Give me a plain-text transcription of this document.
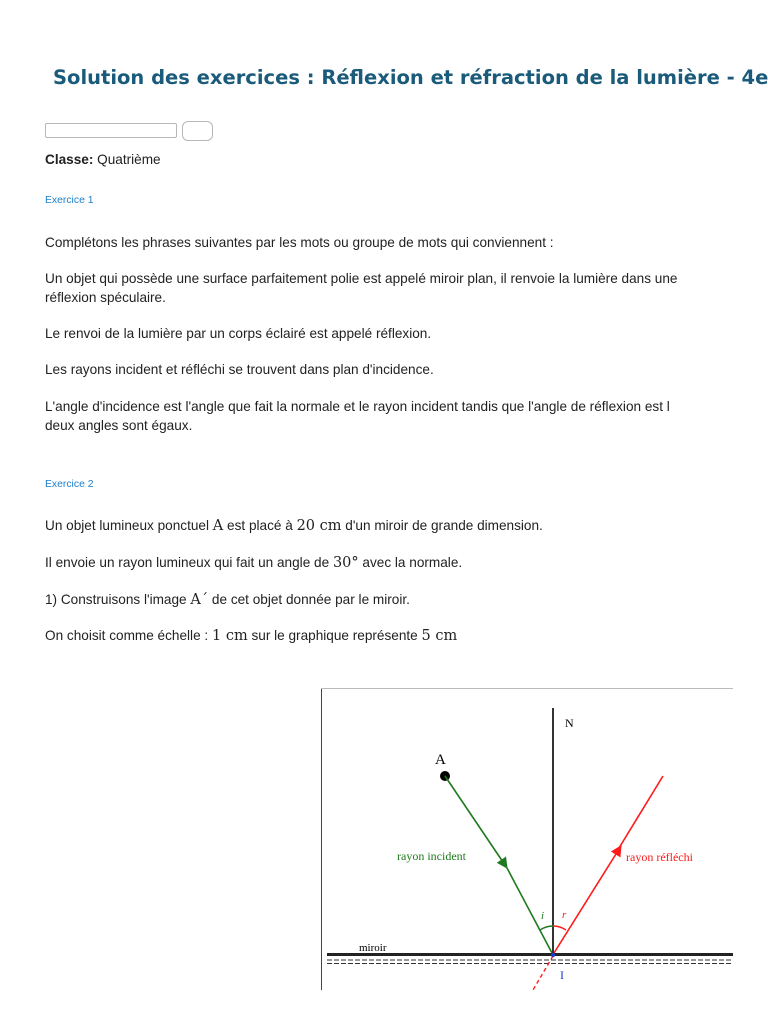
Solution des exercices : Réflexion et réfraction de la lumière - 4e
Classe: Quatrième
Exercice 1
Complétons les phrases suivantes par les mots ou groupe de mots qui conviennent :
Un objet qui possède une surface parfaitement polie est appelé miroir plan, il renvoie la lumière dans une
réflexion spéculaire.
Le renvoi de la lumière par un corps éclairé est appelé réflexion.
Les rayons incident et réfléchi se trouvent dans plan d'incidence.
L'angle d'incidence est l'angle que fait la normale et le rayon incident tandis que l'angle de réflexion est l
deux angles sont égaux.
Exercice 2
Un objet lumineux ponctuel A est placé à 20 cm d'un miroir de grande dimension.
Il envoie un rayon lumineux qui fait un angle de 30° avec la normale.
1) Construisons l'image A´ de cet objet donnée par le miroir.
On choisit comme échelle : 1 cm sur le graphique représente 5 cm
N
miroir
A
rayon incident	rayon réfléchi
i r
I
